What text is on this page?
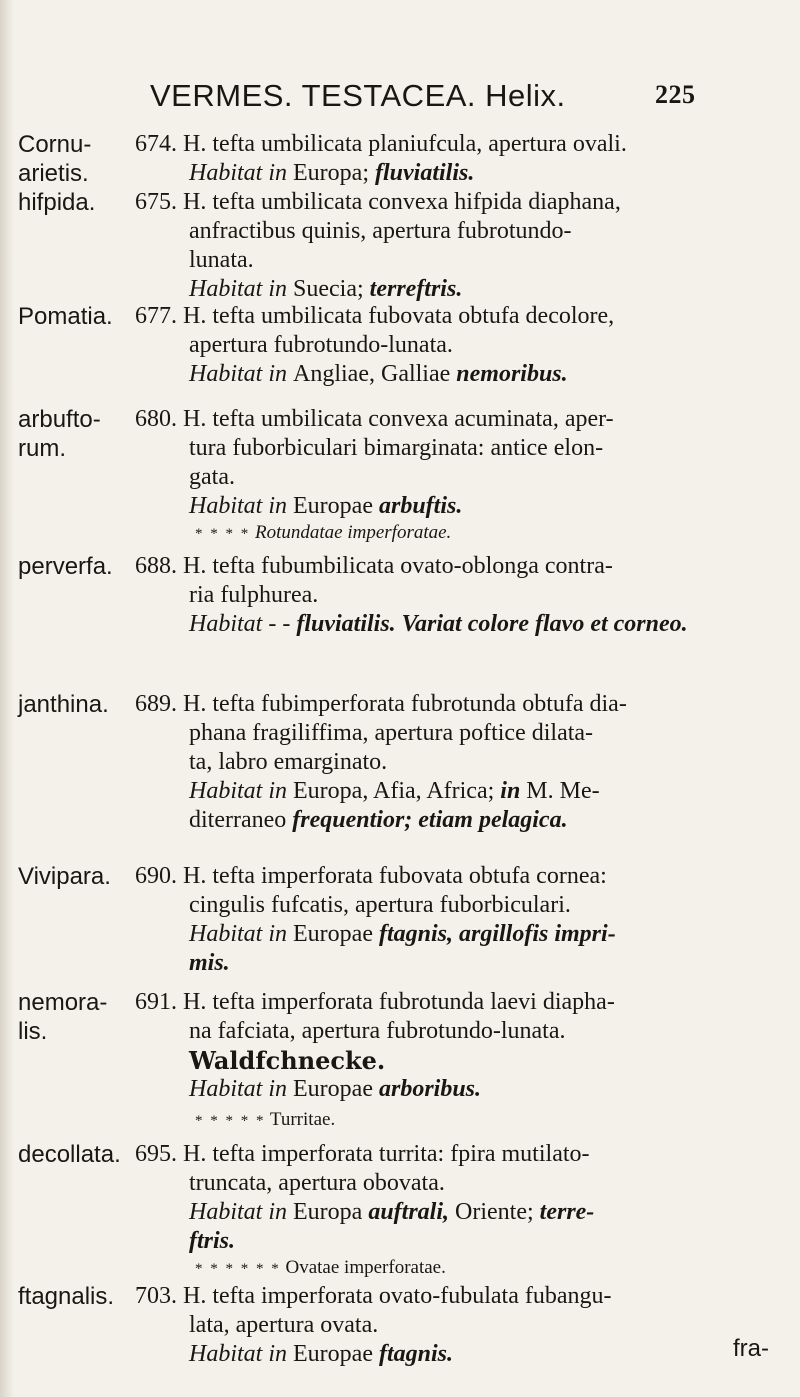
VERMES. TESTACEA. Helix.	225
Cornu-
arietis.
674. H. tefta umbilicata planiufcula, apertura ovali.
Habitat in Europa; fluviatilis.
hifpida. 675. H. tefta umbilicata convexa hifpida diaphana,
anfractibus quinis, apertura fubrotundo-
lunata.
Habitat in Suecia; terreftris.
Pomatia. 677. H. tefta umbilicata fubovata obtufa decolore,
apertura fubrotundo-lunata.
Habitat in Angliae, Galliae nemoribus.
arbufto-
rum.
680. H. tefta umbilicata convexa acuminata, aper-
tura fuborbiculari bimarginata: antice elon-
gata.
Habitat in Europae arbuftis.
* * * * Rotundatae imperforatae.
perverfa. 688. H. tefta fubumbilicata ovato-oblonga contra-
ria fulphurea.
Habitat - - fluviatilis. Variat colore flavo et corneo.
janthina. 689. H. tefta fubimperforata fubrotunda obtufa dia-
phana fragiliffima, apertura poftice dilata-
ta, labro emarginato.
Habitat in Europa, Afia, Africa; in M. Me-
diterraneo frequentior; etiam pelagica.
Vivipara. 690. H. tefta imperforata fubovata obtufa cornea:
cingulis fufcatis, apertura fuborbiculari.
Habitat in Europae ftagnis, argillofis impri-
mis.
nemora-
lis.
691. H. tefta imperforata fubrotunda laevi diapha-
na fafciata, apertura fubrotundo-lunata.
Waldfchnecke.
Habitat in Europae arboribus.
* * * * * Turritae.
decollata. 695. H. tefta imperforata turrita: fpira mutilato-
truncata, apertura obovata.
Habitat in Europa auftrali, Oriente; terre-
ftris.
* * * * * * Ovatae imperforatae.
ftagnalis. 703. H. tefta imperforata ovato-fubulata fubangu-
lata, apertura ovata.
Habitat in Europae ftagnis.	fra-
